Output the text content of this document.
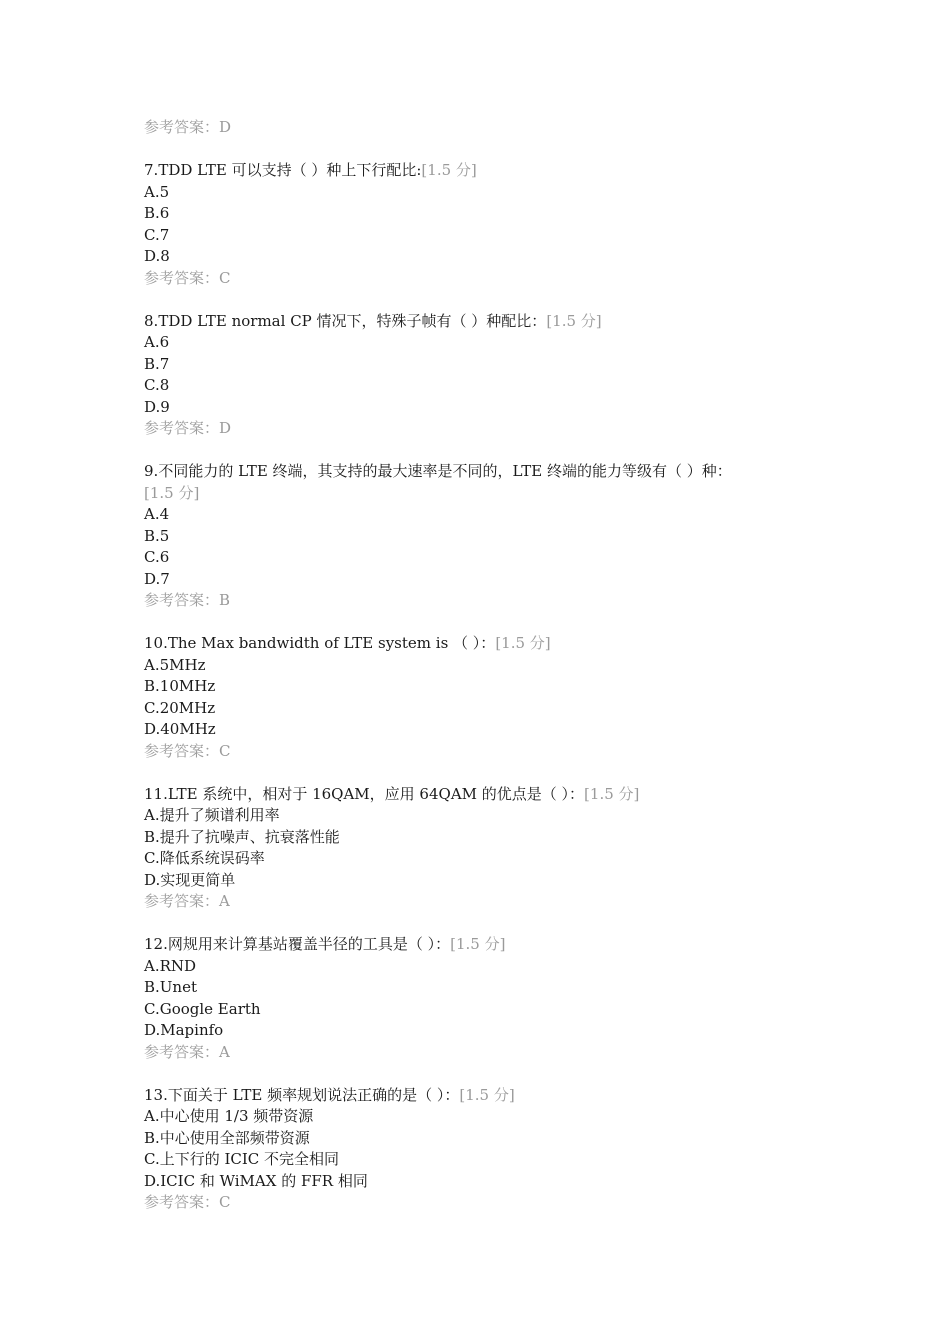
参考答案：D
7.TDD LTE 可以支持（ ）种上下行配比:[1.5 分]
A.5
B.6
C.7
D.8
参考答案：C
8.TDD LTE normal CP 情况下，特殊子帧有（ ）种配比：[1.5 分]
A.6
B.7
C.8
D.9
参考答案：D
9.不同能力的 LTE 终端，其支持的最大速率是不同的，LTE 终端的能力等级有（ ）种：
[1.5 分]
A.4
B.5
C.6
D.7
参考答案：B
10.The Max bandwidth of LTE system is （ ）：[1.5 分]
A.5MHz
B.10MHz
C.20MHz
D.40MHz
参考答案：C
11.LTE 系统中，相对于 16QAM，应用 64QAM 的优点是（ ）：[1.5 分]
A.提升了频谱利用率
B.提升了抗噪声、抗衰落性能
C.降低系统误码率
D.实现更简单
参考答案：A
12.网规用来计算基站覆盖半径的工具是（ ）：[1.5 分]
A.RND
B.Unet
C.Google Earth
D.Mapinfo
参考答案：A
13.下面关于 LTE 频率规划说法正确的是（ ）：[1.5 分]
A.中心使用 1/3 频带资源
B.中心使用全部频带资源
C.上下行的 ICIC 不完全相同
D.ICIC 和 WiMAX 的 FFR 相同
参考答案：C
